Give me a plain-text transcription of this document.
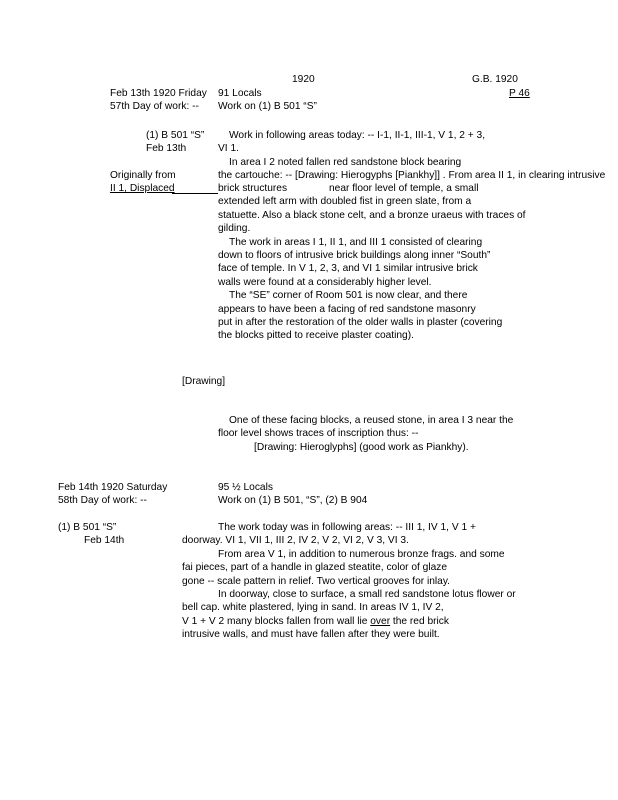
1920	G.B. 1920
P 46
Feb 13th 1920 Friday 91 Locals
57th Day of work: -- Work on (1) B 501 “S”
(1) B 501 “S”
Feb 13th
Originally from
II 1, Displaced
Work in following areas today: -- I-1, II-1, III-1, V 1, 2 + 3,
VI 1.
In area I 2 noted fallen red sandstone block bearing
the cartouche: -- [Drawing: Hierogyphs [Piankhy]] . From area II 1, in clearing intrusive
brick structures	near floor level of temple, a small
extended left arm with doubled fist in green slate, from a
statuette. Also a black stone celt, and a bronze uraeus with traces of
gilding.
The work in areas I 1, II 1, and III 1 consisted of clearing
down to floors of intrusive brick buildings along inner “South”
face of temple. In V 1, 2, 3, and VI 1 similar intrusive brick
walls were found at a considerably higher level.
The “SE” corner of Room 501 is now clear, and there
appears to have been a facing of red sandstone masonry
put in after the restoration of the older walls in plaster (covering
the blocks pitted to receive plaster coating).
[Drawing]
One of these facing blocks, a reused stone, in area I 3 near the
floor level shows traces of inscription thus: --
[Drawing: Hieroglyphs] (good work as Piankhy).
Feb 14th 1920 Saturday	95 ½ Locals
58th Day of work: --	Work on (1) B 501, “S”, (2) B 904
(1) B 501 “S”
Feb 14th
The work today was in following areas: -- III 1, IV 1, V 1 +
doorway. VI 1, VII 1, III 2, IV 2, V 2, VI 2, V 3, VI 3.
From area V 1, in addition to numerous bronze frags. and some
fai pieces, part of a handle in glazed steatite, color of glaze
gone -- scale pattern in relief. Two vertical grooves for inlay.
In doorway, close to surface, a small red sandstone lotus flower or
bell cap. white plastered, lying in sand. In areas IV 1, IV 2,
V 1 + V 2 many blocks fallen from wall lie over the red brick
intrusive walls, and must have fallen after they were built.
